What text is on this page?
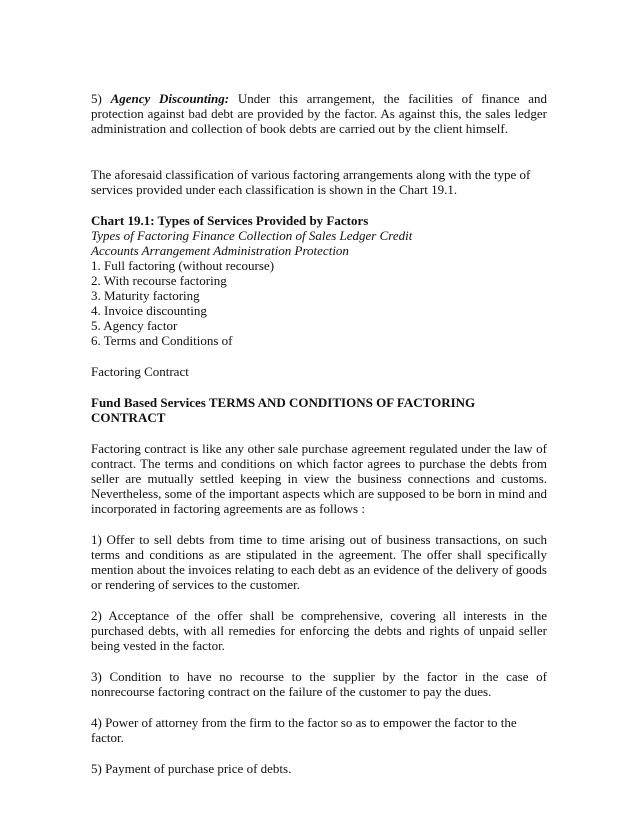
5) Agency Discounting: Under this arrangement, the facilities of finance and protection against bad debt are provided by the factor. As against this, the sales ledger administration and collection of book debts are carried out by the client himself.

The aforesaid classification of various factoring arrangements along with the type of services provided under each classification is shown in the Chart 19.1.

Chart 19.1: Types of Services Provided by Factors
Types of Factoring Finance Collection of Sales Ledger Credit
Accounts Arrangement Administration Protection
1. Full factoring (without recourse)
2. With recourse factoring
3. Maturity factoring
4. Invoice discounting
5. Agency factor
6. Terms and Conditions of

Factoring Contract

Fund Based Services TERMS AND CONDITIONS OF FACTORING CONTRACT

Factoring contract is like any other sale purchase agreement regulated under the law of contract. The terms and conditions on which factor agrees to purchase the debts from seller are mutually settled keeping in view the business connections and customs. Nevertheless, some of the important aspects which are supposed to be born in mind and incorporated in factoring agreements are as follows :

1) Offer to sell debts from time to time arising out of business transactions, on such terms and conditions as are stipulated in the agreement. The offer shall specifically mention about the invoices relating to each debt as an evidence of the delivery of goods or rendering of services to the customer.

2) Acceptance of the offer shall be comprehensive, covering all interests in the purchased debts, with all remedies for enforcing the debts and rights of unpaid seller being vested in the factor.

3) Condition to have no recourse to the supplier by the factor in the case of nonrecourse factoring contract on the failure of the customer to pay the dues.

4) Power of attorney from the firm to the factor so as to empower the factor to the
factor.

5) Payment of purchase price of debts.
